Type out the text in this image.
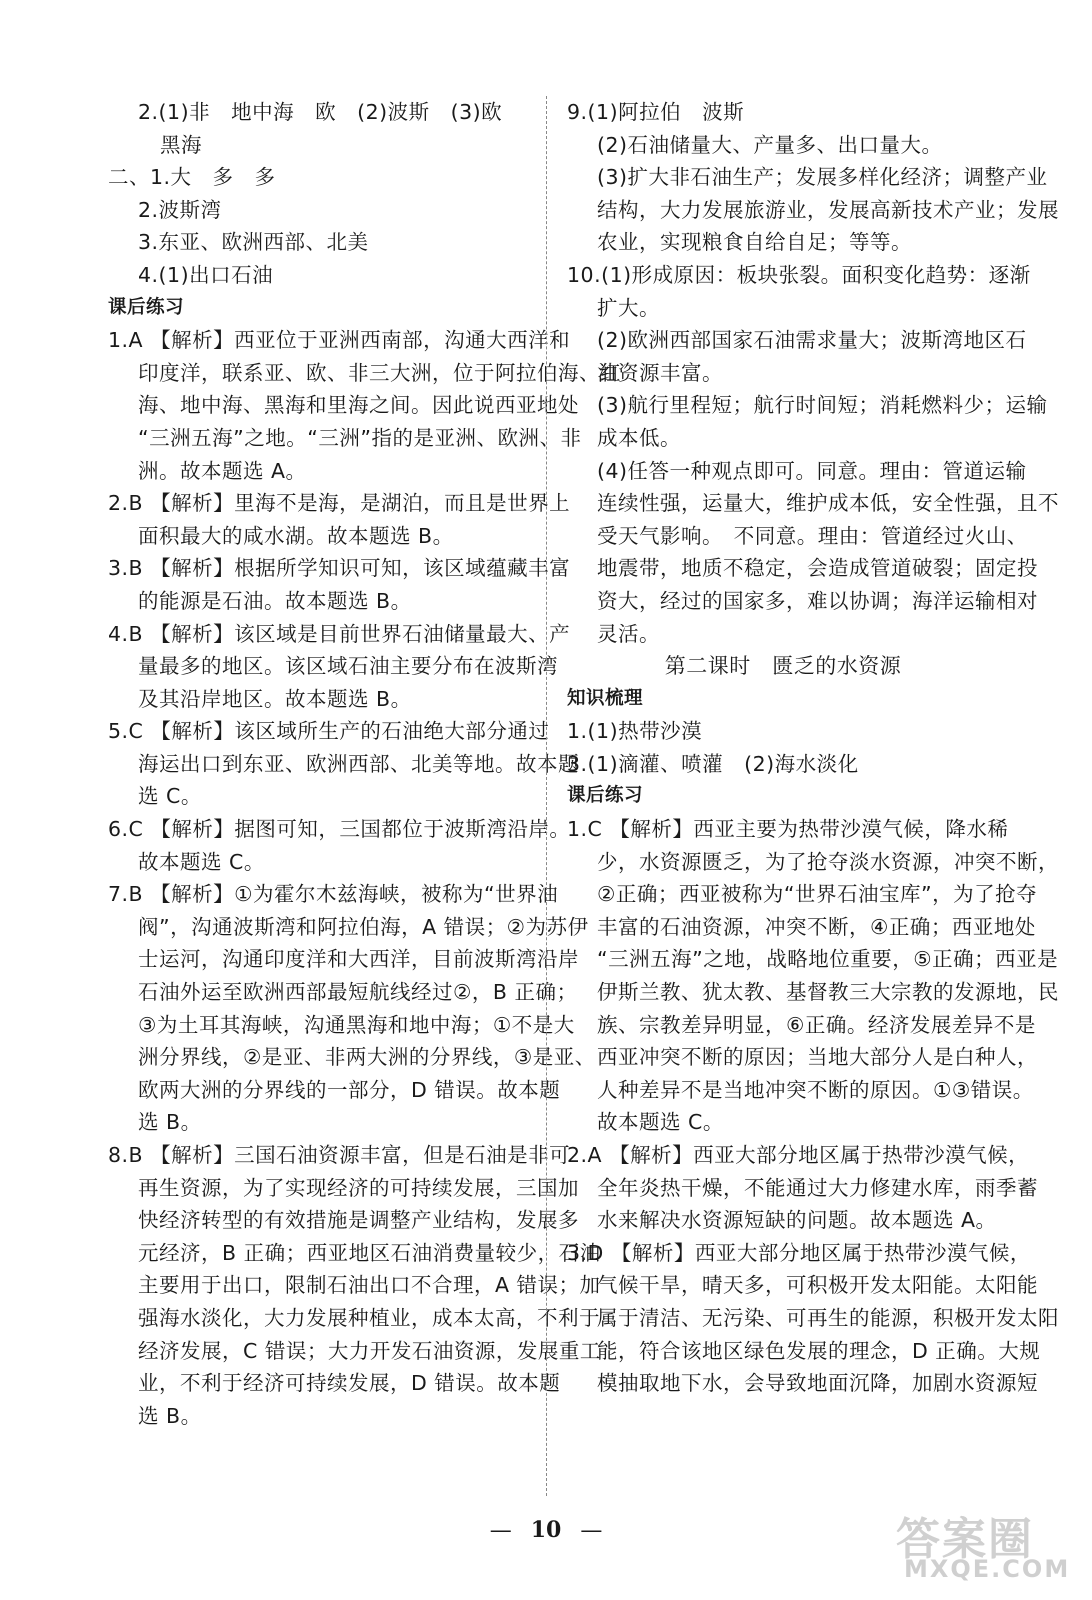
2.(1)非　地中海　欧　(2)波斯　(3)欧
黑海
二、1.大　多　多
2.波斯湾
3.东亚、欧洲西部、北美
4.(1)出口石油
课后练习
1.A 【解析】西亚位于亚洲西南部，沟通大西洋和
印度洋，联系亚、欧、非三大洲，位于阿拉伯海、红
海、地中海、黑海和里海之间。因此说西亚地处
“三洲五海”之地。“三洲”指的是亚洲、欧洲、非
洲。故本题选 A。
2.B 【解析】里海不是海，是湖泊，而且是世界上
面积最大的咸水湖。故本题选 B。
3.B 【解析】根据所学知识可知，该区域蕴藏丰富
的能源是石油。故本题选 B。
4.B 【解析】该区域是目前世界石油储量最大、产
量最多的地区。该区域石油主要分布在波斯湾
及其沿岸地区。故本题选 B。
5.C 【解析】该区域所生产的石油绝大部分通过
海运出口到东亚、欧洲西部、北美等地。故本题
选 C。
6.C 【解析】据图可知，三国都位于波斯湾沿岸。
故本题选 C。
7.B 【解析】①为霍尔木兹海峡，被称为“世界油
阀”，沟通波斯湾和阿拉伯海，A 错误；②为苏伊
士运河，沟通印度洋和大西洋，目前波斯湾沿岸
石油外运至欧洲西部最短航线经过②，B 正确；
③为土耳其海峡，沟通黑海和地中海；①不是大
洲分界线，②是亚、非两大洲的分界线，③是亚、
欧两大洲的分界线的一部分，D 错误。故本题
选 B。
8.B 【解析】三国石油资源丰富，但是石油是非可
再生资源，为了实现经济的可持续发展，三国加
快经济转型的有效措施是调整产业结构，发展多
元经济，B 正确；西亚地区石油消费量较少，石油
主要用于出口，限制石油出口不合理，A 错误；加
强海水淡化，大力发展种植业，成本太高，不利于
经济发展，C 错误；大力开发石油资源，发展重工
业，不利于经济可持续发展，D 错误。故本题
选 B。
9.(1)阿拉伯　波斯
(2)石油储量大、产量多、出口量大。
(3)扩大非石油生产；发展多样化经济；调整产业
结构，大力发展旅游业，发展高新技术产业；发展
农业，实现粮食自给自足；等等。
10.(1)形成原因：板块张裂。面积变化趋势：逐渐
扩大。
(2)欧洲西部国家石油需求量大；波斯湾地区石
油资源丰富。
(3)航行里程短；航行时间短；消耗燃料少；运输
成本低。
(4)任答一种观点即可。同意。理由：管道运输
连续性强，运量大，维护成本低，安全性强，且不
受天气影响。　不同意。理由：管道经过火山、
地震带，地质不稳定，会造成管道破裂；固定投
资大，经过的国家多，难以协调；海洋运输相对
灵活。
第二课时　匮乏的水资源
知识梳理
1.(1)热带沙漠
3.(1)滴灌、喷灌　(2)海水淡化
课后练习
1.C 【解析】西亚主要为热带沙漠气候，降水稀
少，水资源匮乏，为了抢夺淡水资源，冲突不断，
②正确；西亚被称为“世界石油宝库”，为了抢夺
丰富的石油资源，冲突不断，④正确；西亚地处
“三洲五海”之地，战略地位重要，⑤正确；西亚是
伊斯兰教、犹太教、基督教三大宗教的发源地，民
族、宗教差异明显，⑥正确。经济发展差异不是
西亚冲突不断的原因；当地大部分人是白种人，
人种差异不是当地冲突不断的原因。①③错误。
故本题选 C。
2.A 【解析】西亚大部分地区属于热带沙漠气候，
全年炎热干燥，不能通过大力修建水库，雨季蓄
水来解决水资源短缺的问题。故本题选 A。
3.D 【解析】西亚大部分地区属于热带沙漠气候，
气候干旱，晴天多，可积极开发太阳能。太阳能
属于清洁、无污染、可再生的能源，积极开发太阳
能，符合该地区绿色发展的理念，D 正确。大规
模抽取地下水，会导致地面沉降，加剧水资源短
— 10 —	答案圈
MXQE.COM
